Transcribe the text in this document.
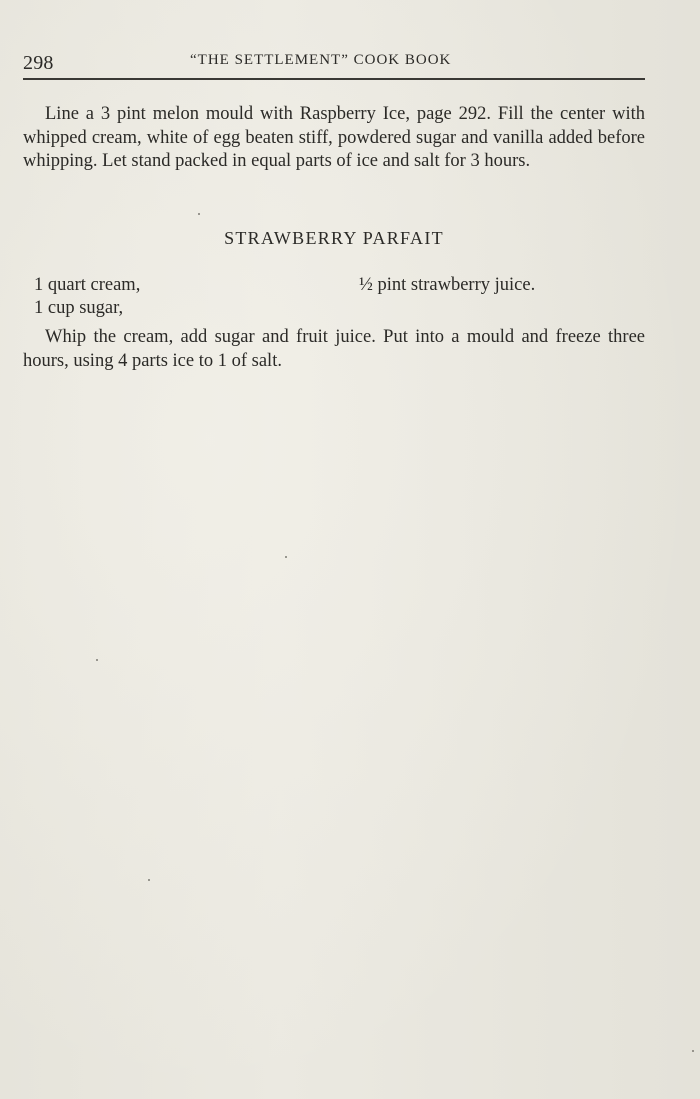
298	“THE SETTLEMENT” COOK BOOK

Line a 3 pint melon mould with Raspberry Ice, page 292. Fill the center with whipped cream, white of egg beaten stiff, powdered sugar and vanilla added before whipping. Let stand packed in equal parts of ice and salt for 3 hours.

STRAWBERRY PARFAIT
1 quart cream,	½ pint strawberry juice.
1 cup sugar,

Whip the cream, add sugar and fruit juice. Put into a mould and freeze three hours, using 4 parts ice to 1 of salt.
